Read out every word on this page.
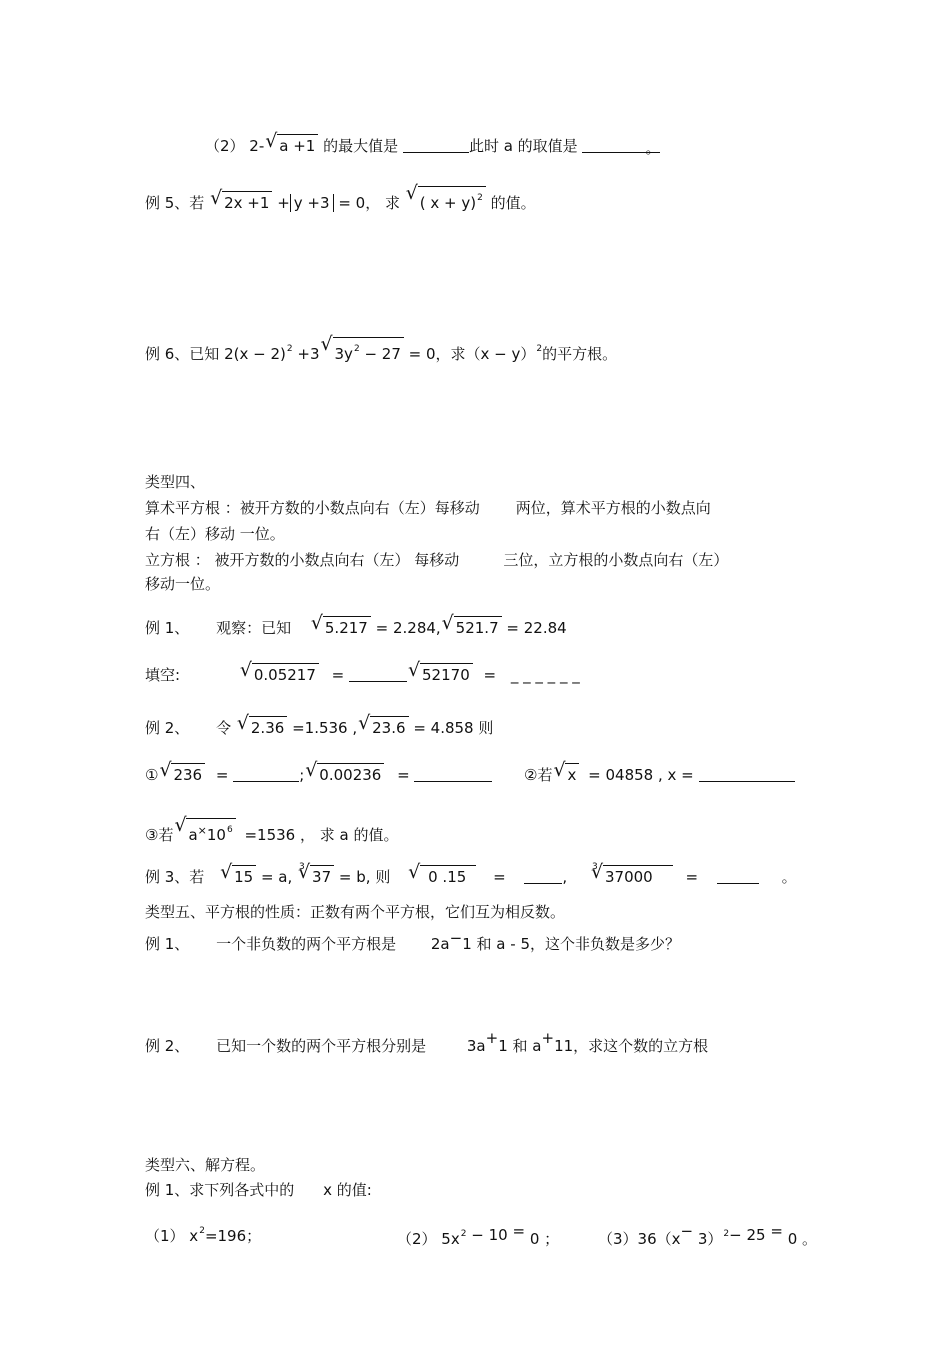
（2） 2-√ a +1 的最大值是	此时 a 的取值是	。
例 5、若 √ 2x +1 + y +3 = 0， 求 √ ( x + y)$^2$ 的值。
例 6、已知 $2(x - 2)^2 +3√$ $3y^2 - 27 = 0$，求$(x - y)^2$的平方根。
类型四、
算术平方根 ：被开方数的小数点向右（左）每移动 两位，算术平方根的小数点向
右（左）移动 一位。
立方根 ： 被开方数的小数点向右（左） 每移动	三位，立方根的小数点向右（左）
移动一位。
例 1、 观察：已知 √ 5.217 = 2.284,√ 521.7 = 22.84
填空: √	0.05217 = √	52170 = _ _ _ _ _ _
例 2、 令 √ 2.36 =1.536 ,√ 23.6 = 4.858 则
①√ 236 =	;√ 0.00236 =	②若√ x = 04858 , x =
③若√ $a^\times 10^6 =1536$ ， 求 a 的值。
例 3、若 √ 15 = a,
3
√ 37 = b, 则 √	0 .15 =	,
3
√ 37000 =	。
类型五、平方根的性质：正数有两个平方根，它们互为相反数。
例 1、 一个非负数的两个平方根是 2a−1 和 a - 5，这个非负数是多少？
例 2、 已知一个数的两个平方根分别是	3a+1 和 a+11，求这个数的立方根
类型六、解方程。
例 1、求下列各式中的 x 的值:
（1） $x^2=196$；	（2） $5x^2 - 10 = 0$ ；	$(3)36(x- 3)^2- 25 = 0$ 。
